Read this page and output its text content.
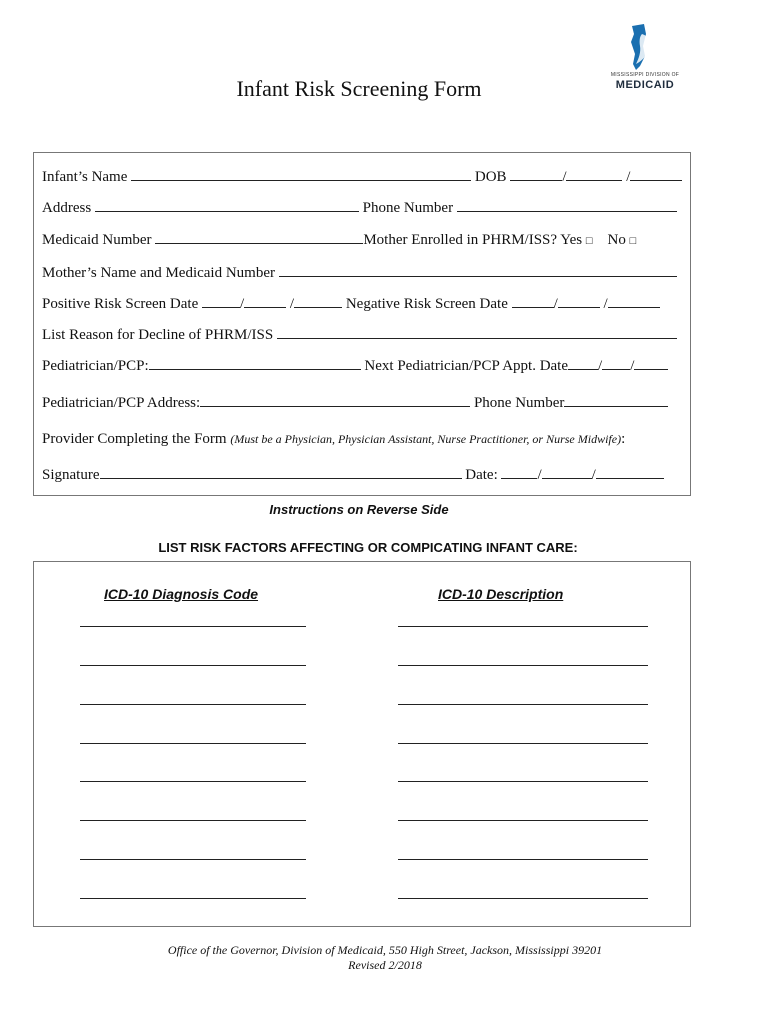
Infant Risk Screening Form
MISSISSIPPI DIVISION OF
MEDICAID
Infant’s Name	DOB	/	/
Address	Phone Number
Medicaid Number	Mother Enrolled in PHRM/ISS? Yes □ No □
Mother’s Name and Medicaid Number
Positive Risk Screen Date	/	/	Negative Risk Screen Date	/	/
List Reason for Decline of PHRM/ISS
Pediatrician/PCP:	Next Pediatrician/PCP Appt. Date / /
Pediatrician/PCP Address:	Phone Number
Provider Completing the Form (Must be a Physician, Physician Assistant, Nurse Practitioner, or Nurse Midwife):
Signature	Date:	/	/
Instructions on Reverse Side
LIST RISK FACTORS AFFECTING OR COMPICATING INFANT CARE:
ICD-10 Diagnosis Code	ICD-10 Description
Office of the Governor, Division of Medicaid, 550 High Street, Jackson, Mississippi 39201
Revised 2/2018
